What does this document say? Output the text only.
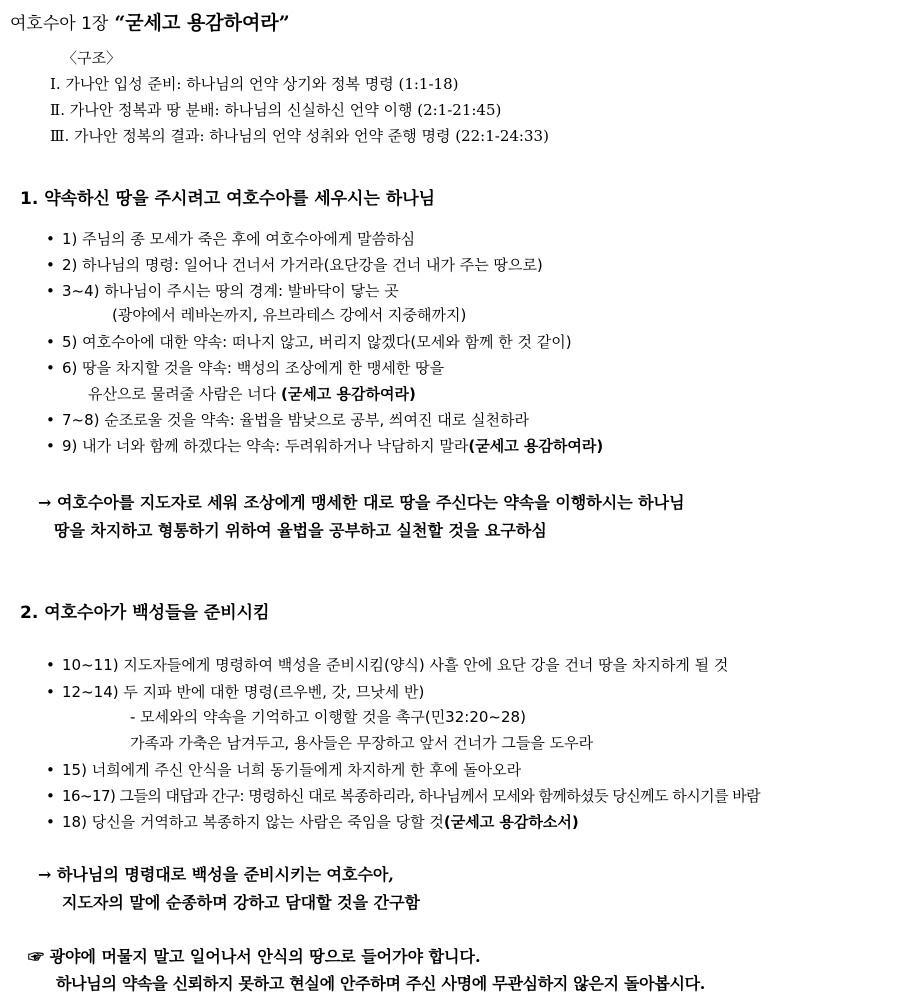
여호수아 1장 “굳세고 용감하여라”
〈구조〉
Ⅰ. 가나안 입성 준비: 하나님의 언약 상기와 정복 명령 (1:1-18)
Ⅱ. 가나안 정복과 땅 분배: 하나님의 신실하신 언약 이행 (2:1-21:45)
Ⅲ. 가나안 정복의 결과: 하나님의 언약 성취와 언약 준행 명령 (22:1-24:33)
1. 약속하신 땅을 주시려고 여호수아를 세우시는 하나님
• 1) 주님의 종 모세가 죽은 후에 여호수아에게 말씀하심
• 2) 하나님의 명령: 일어나 건너서 가거라(요단강을 건너 내가 주는 땅으로)
• 3~4) 하나님이 주시는 땅의 경계: 발바닥이 닿는 곳
(광야에서 레바논까지, 유브라테스 강에서 지중해까지)
• 5) 여호수아에 대한 약속: 떠나지 않고, 버리지 않겠다(모세와 함께 한 것 같이)
• 6) 땅을 차지할 것을 약속: 백성의 조상에게 한 맹세한 땅을
유산으로 물려줄 사람은 너다 (굳세고 용감하여라)
• 7~8) 순조로울 것을 약속: 율법을 밤낮으로 공부, 씌여진 대로 실천하라
• 9) 내가 너와 함께 하겠다는 약속: 두려워하거나 낙담하지 말라(굳세고 용감하여라)
→ 여호수아를 지도자로 세워 조상에게 맹세한 대로 땅을 주신다는 약속을 이행하시는 하나님
땅을 차지하고 형통하기 위하여 율법을 공부하고 실천할 것을 요구하심
2. 여호수아가 백성들을 준비시킴
• 10~11) 지도자들에게 명령하여 백성을 준비시킴(양식) 사흘 안에 요단 강을 건너 땅을 차지하게 될 것
• 12~14) 두 지파 반에 대한 명령(르우벤, 갓, 므낫세 반)
- 모세와의 약속을 기억하고 이행할 것을 촉구(민32:20~28)
가족과 가축은 남겨두고, 용사들은 무장하고 앞서 건너가 그들을 도우라
• 15) 너희에게 주신 안식을 너희 동기들에게 차지하게 한 후에 돌아오라
• 16~17) 그들의 대답과 간구: 명령하신 대로 복종하리라, 하나님께서 모세와 함께하셨듯 당신께도 하시기를 바람
• 18) 당신을 거역하고 복종하지 않는 사람은 죽임을 당할 것(굳세고 용감하소서)
→ 하나님의 명령대로 백성을 준비시키는 여호수아,
지도자의 말에 순종하며 강하고 담대할 것을 간구함
☞ 광야에 머물지 말고 일어나서 안식의 땅으로 들어가야 합니다.
하나님의 약속을 신뢰하지 못하고 현실에 안주하며 주신 사명에 무관심하지 않은지 돌아봅시다.
